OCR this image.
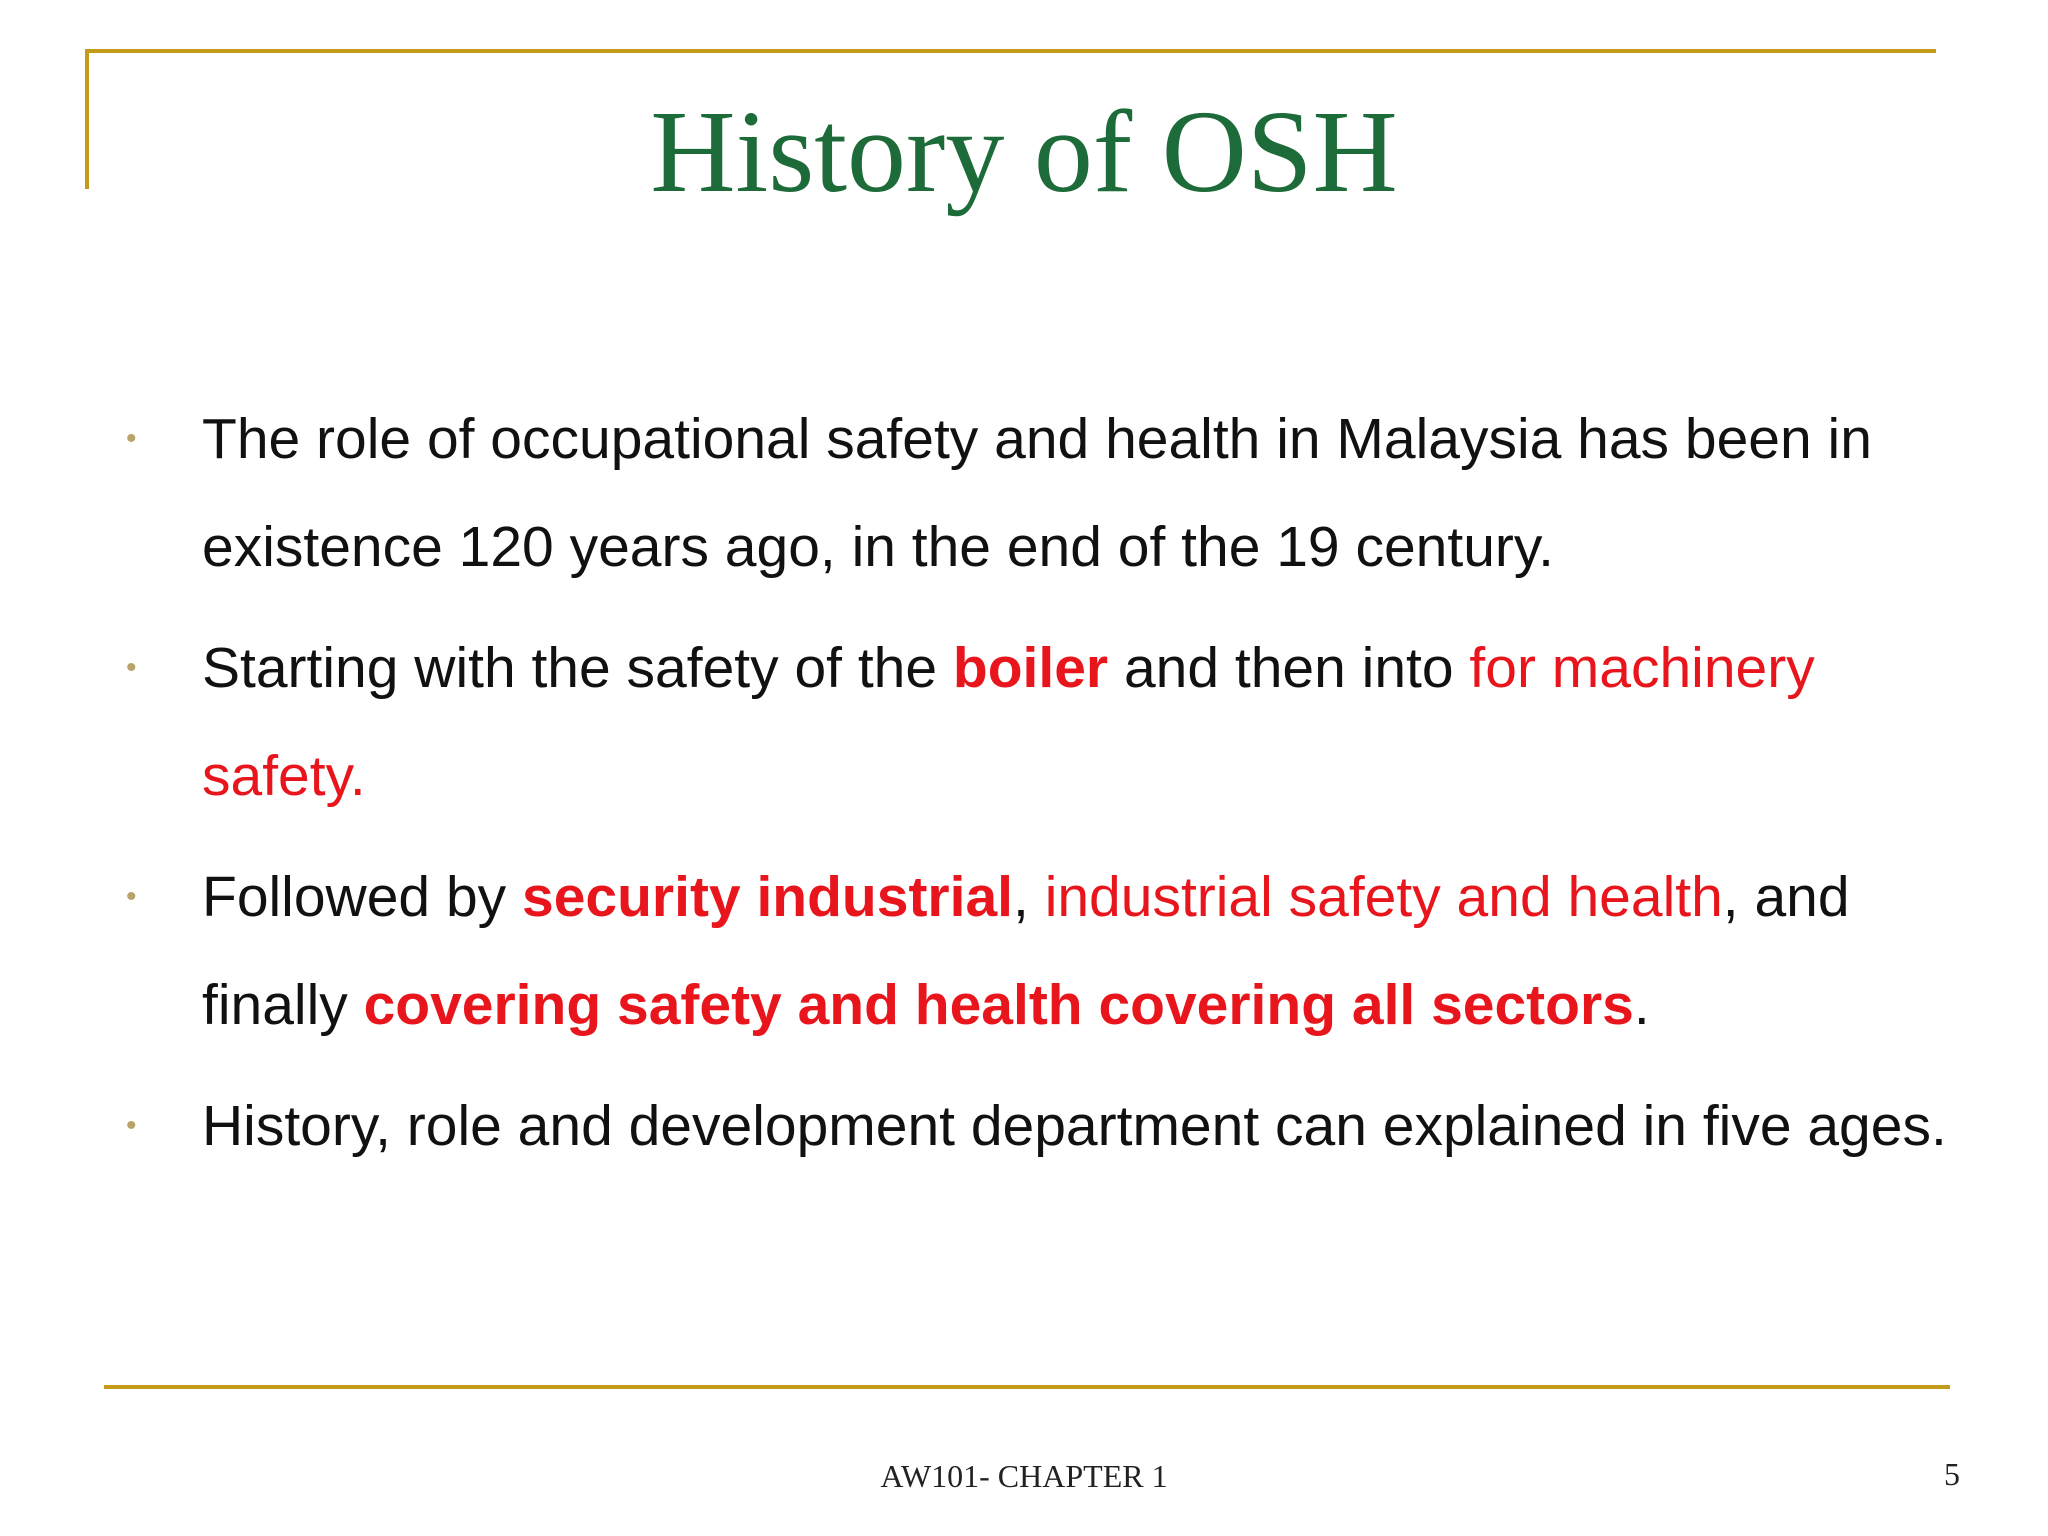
History of OSH
• The role of occupational safety and health in Malaysia has been in existence 120 years ago, in the end of the 19 century.
• Starting with the safety of the boiler and then into for machinery safety.
• Followed by security industrial, industrial safety and health, and finally covering safety and health covering all sectors.
• History, role and development department can explained in five ages.
AW101- CHAPTER 1	5
